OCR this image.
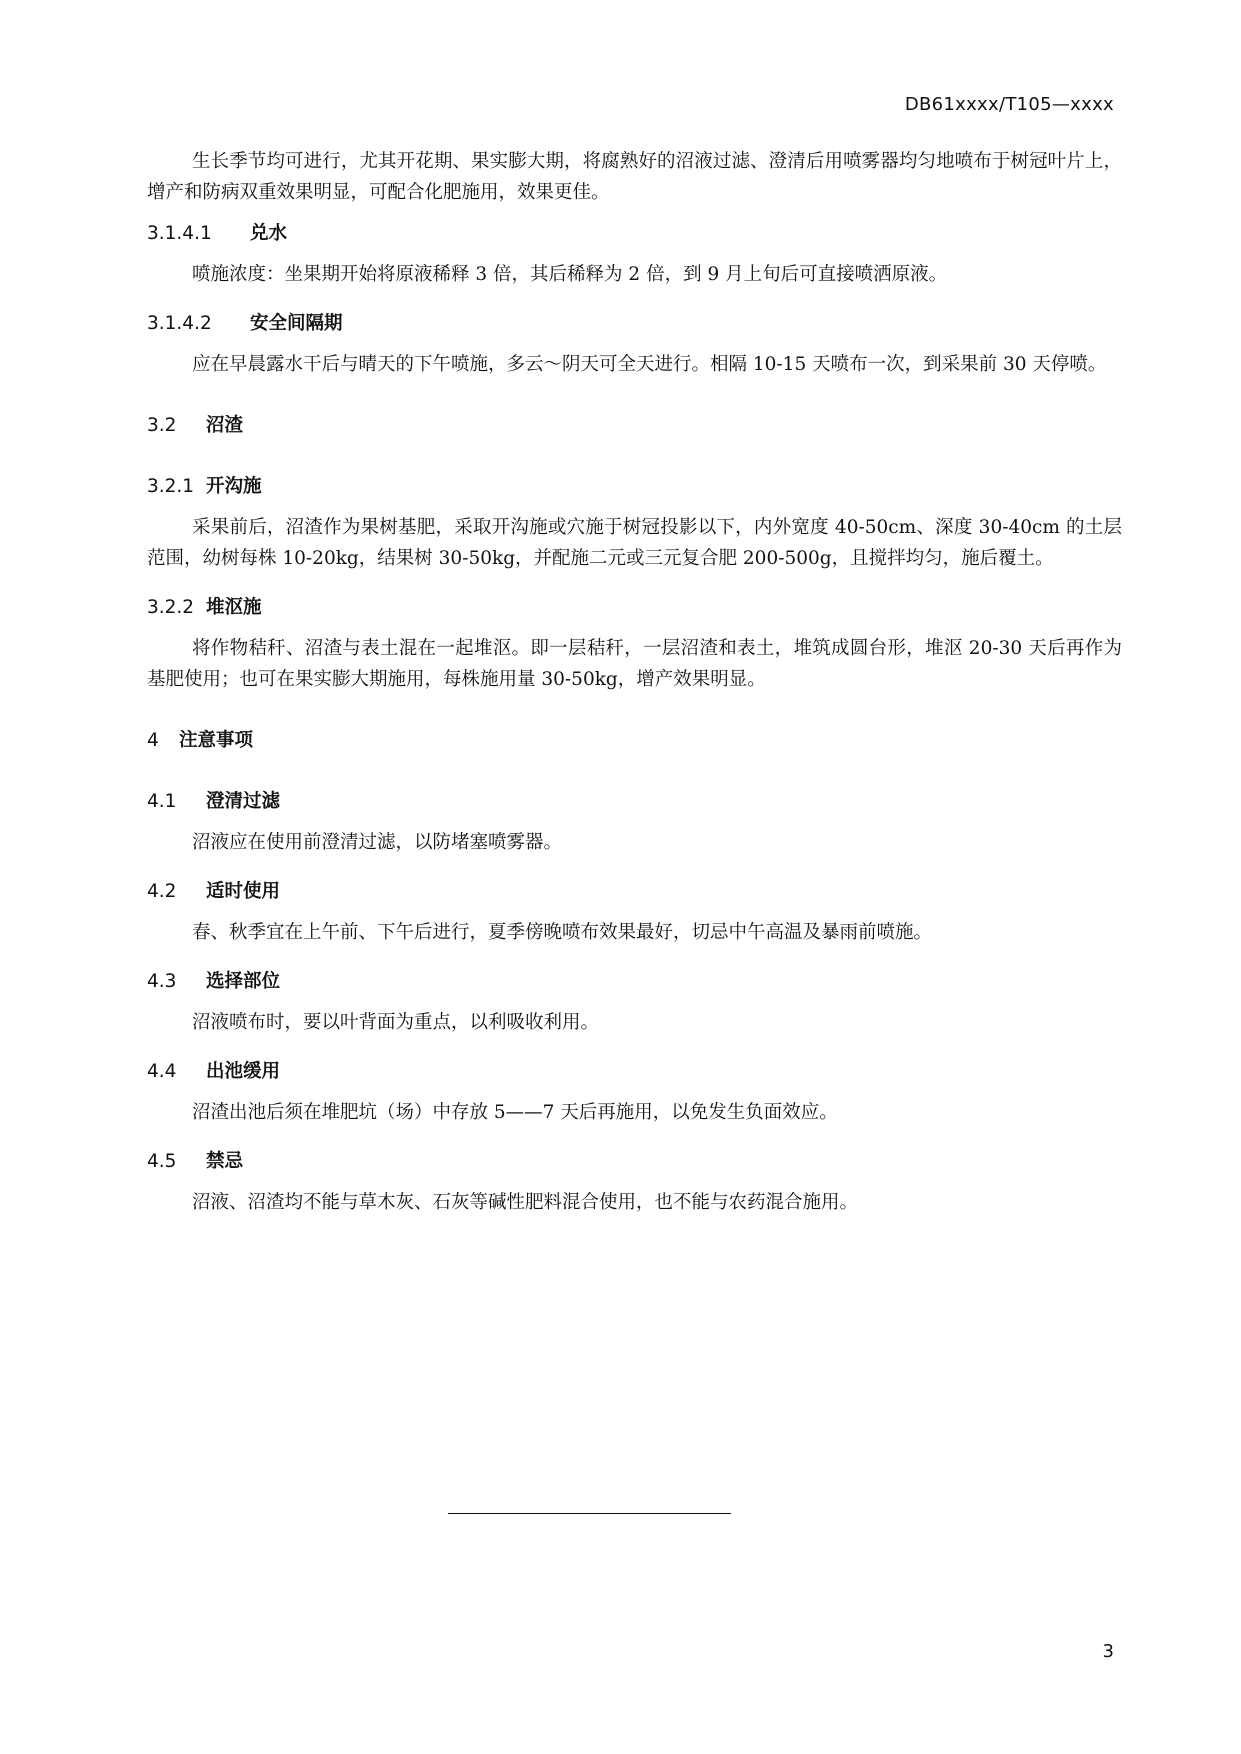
DB61xxxx/T105—xxxx

生长季节均可进行，尤其开花期、果实膨大期，将腐熟好的沼液过滤、澄清后用喷雾器均匀地喷布于树冠叶片上，增产和防病双重效果明显，可配合化肥施用，效果更佳。

3.1.4.1	兑水

喷施浓度：坐果期开始将原液稀释 3 倍，其后稀释为 2 倍，到 9 月上旬后可直接喷洒原液。

3.1.4.2	安全间隔期

应在早晨露水干后与晴天的下午喷施，多云～阴天可全天进行。相隔 10-15 天喷布一次，到采果前 30 天停喷。

3.2	沼渣
3.2.1 开沟施

采果前后，沼渣作为果树基肥，采取开沟施或穴施于树冠投影以下，内外宽度 40-50cm、深度 30-40cm 的土层范围，幼树每株 10-20kg，结果树 30-50kg，并配施二元或三元复合肥 200-500g，且搅拌均匀，施后覆土。

3.2.2 堆沤施

将作物秸秆、沼渣与表土混在一起堆沤。即一层秸秆，一层沼渣和表土，堆筑成圆台形，堆沤 20-30 天后再作为基肥使用；也可在果实膨大期施用，每株施用量 30-50kg，增产效果明显。

4	注意事项
4.1	澄清过滤

沼液应在使用前澄清过滤，以防堵塞喷雾器。

4.2	适时使用

春、秋季宜在上午前、下午后进行，夏季傍晚喷布效果最好，切忌中午高温及暴雨前喷施。

4.3	选择部位

沼液喷布时，要以叶背面为重点，以利吸收利用。

4.4	出池缓用

沼渣出池后须在堆肥坑（场）中存放 5——7 天后再施用，以免发生负面效应。

4.5	禁忌

沼液、沼渣均不能与草木灰、石灰等碱性肥料混合使用，也不能与农药混合施用。

3
